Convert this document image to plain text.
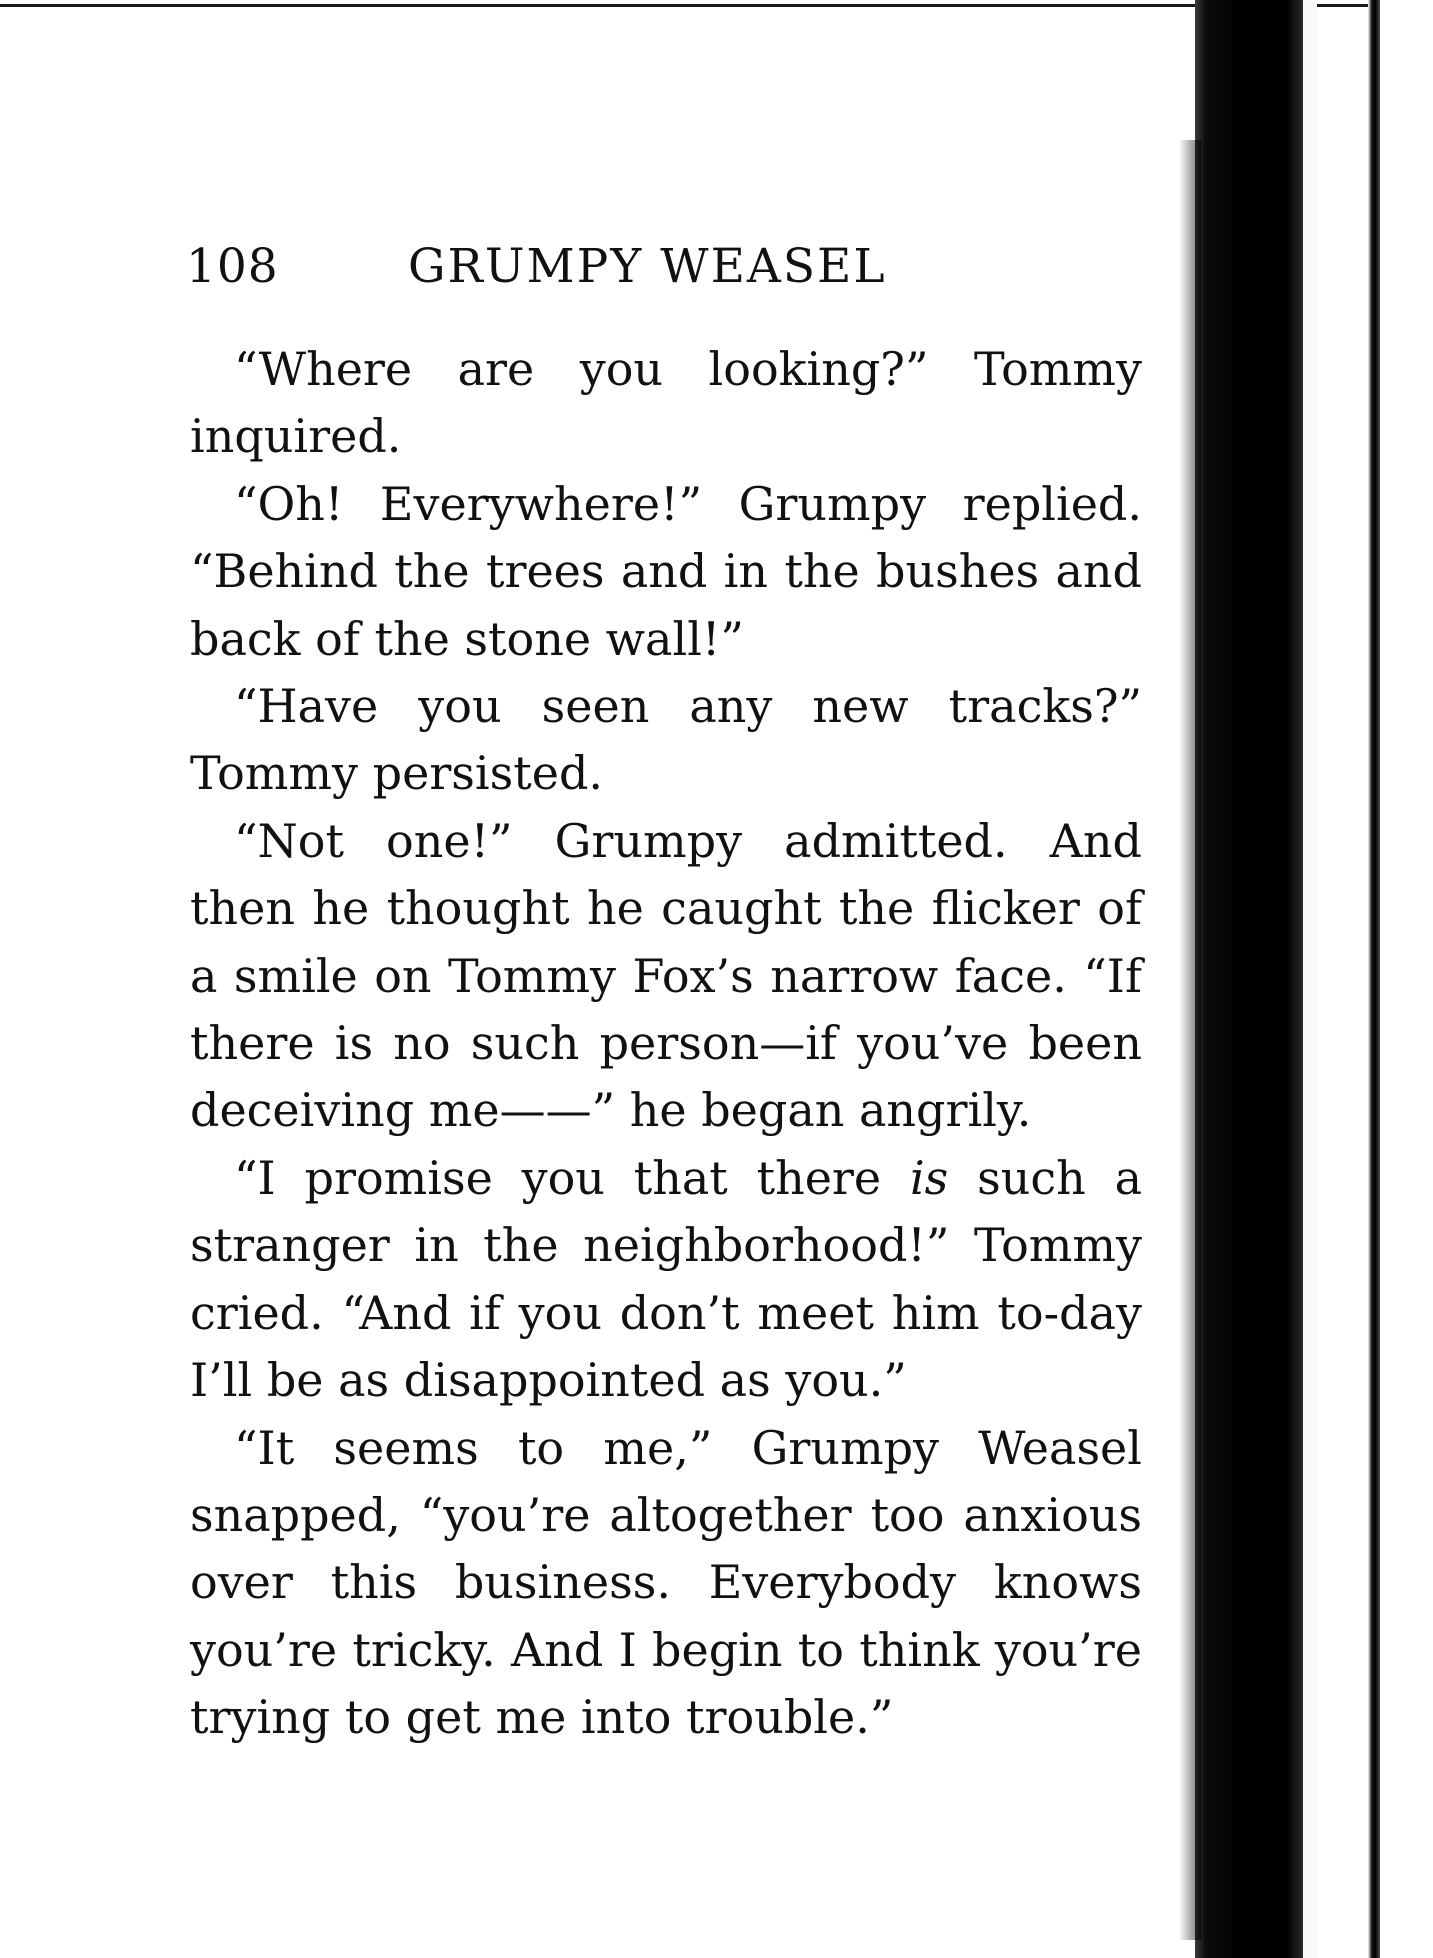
108	GRUMPY WEASEL

“Where are you looking?” Tommy inquired.

“Oh! Everywhere!” Grumpy replied. “Behind the trees and in the bushes and back of the stone wall!”

“Have you seen any new tracks?” Tommy persisted.

“Not one!” Grumpy admitted. And then he thought he caught the flicker of a smile on Tommy Fox’s narrow face. “If there is no such person—if you’ve been deceiving me——” he began angrily.

“I promise you that there is such a stranger in the neighborhood!” Tommy cried. “And if you don’t meet him to-day I’ll be as disappointed as you.”

“It seems to me,” Grumpy Weasel snapped, “you’re altogether too anxious over this business. Everybody knows you’re tricky. And I begin to think you’re trying to get me into trouble.”
